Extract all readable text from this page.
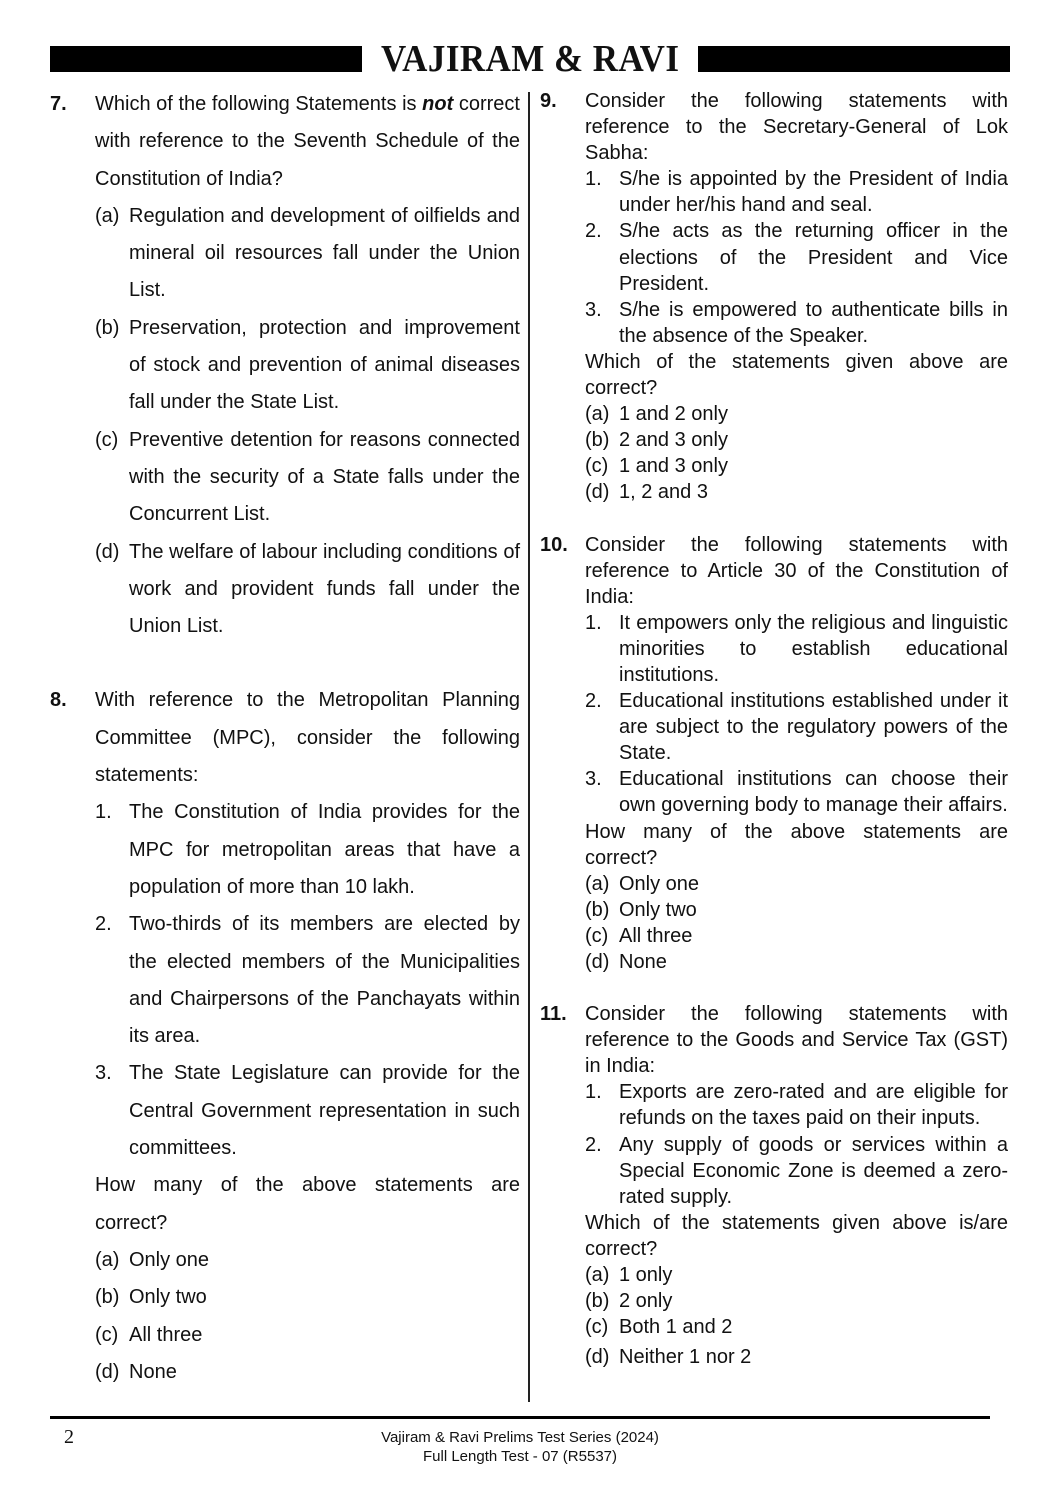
VAJIRAM & RAVI
7. Which of the following Statements is not correct with reference to the Seventh Schedule of the Constitution of India?
(a) Regulation and development of oilfields and mineral oil resources fall under the Union List.
(b) Preservation, protection and improvement of stock and prevention of animal diseases fall under the State List.
(c) Preventive detention for reasons connected with the security of a State falls under the Concurrent List.
(d) The welfare of labour including conditions of work and provident funds fall under the Union List.
8. With reference to the Metropolitan Planning Committee (MPC), consider the following statements:
1. The Constitution of India provides for the MPC for metropolitan areas that have a population of more than 10 lakh.
2. Two-thirds of its members are elected by the elected members of the Municipalities and Chairpersons of the Panchayats within its area.
3. The State Legislature can provide for the Central Government representation in such committees.
How many of the above statements are correct?
(a) Only one
(b) Only two
(c) All three
(d) None
9. Consider the following statements with reference to the Secretary-General of Lok Sabha:
1. S/he is appointed by the President of India under her/his hand and seal.
2. S/he acts as the returning officer in the elections of the President and Vice President.
3. S/he is empowered to authenticate bills in the absence of the Speaker.
Which of the statements given above are correct?
(a) 1 and 2 only
(b) 2 and 3 only
(c) 1 and 3 only
(d) 1, 2 and 3
10. Consider the following statements with reference to Article 30 of the Constitution of India:
1. It empowers only the religious and linguistic minorities to establish educational institutions.
2. Educational institutions established under it are subject to the regulatory powers of the State.
3. Educational institutions can choose their own governing body to manage their affairs.
How many of the above statements are correct?
(a) Only one
(b) Only two
(c) All three
(d) None
11. Consider the following statements with reference to the Goods and Service Tax (GST) in India:
1. Exports are zero-rated and are eligible for refunds on the taxes paid on their inputs.
2. Any supply of goods or services within a Special Economic Zone is deemed a zero-rated supply.
Which of the statements given above is/are correct?
(a) 1 only
(b) 2 only
(c) Both 1 and 2
(d) Neither 1 nor 2
2	Vajiram & Ravi Prelims Test Series (2024)
Full Length Test - 07 (R5537)
